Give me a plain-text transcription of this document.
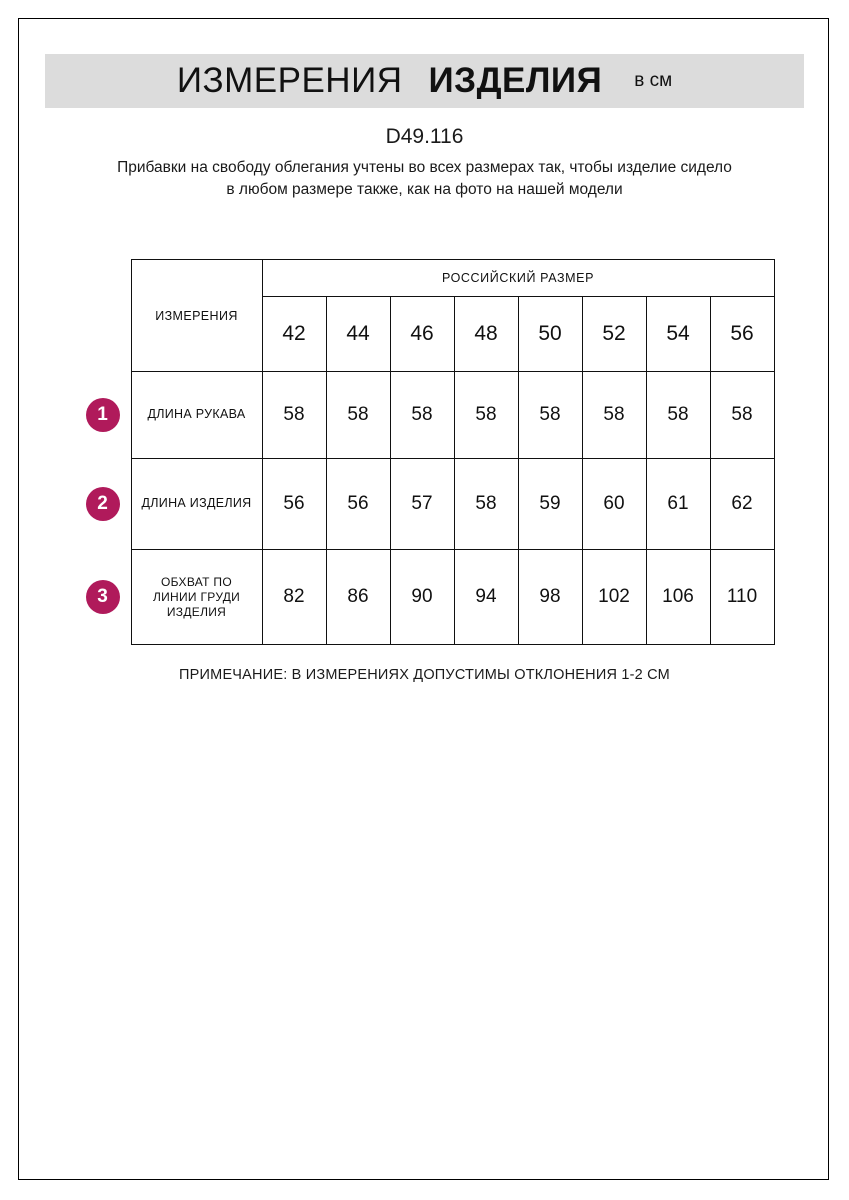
ИЗМЕРЕНИЯ ИЗДЕЛИЯ в см
D49.116
Прибавки на свободу облегания учтены во всех размерах так, чтобы изделие сидело в любом размере также, как на фото на нашей модели
	ИЗМЕРЕНИЯ	РОССИЙСКИЙ РАЗМЕР							
		42	44	46	48	50	52	54	56

1	ДЛИНА РУКАВА	58	58	58	58	58	58	58	58

2	ДЛИНА ИЗДЕЛИЯ	56	56	57	58	59	60	61	62

3	ОБХВАТ ПО ЛИНИИ ГРУДИ ИЗДЕЛИЯ	82	86	90	94	98	102	106	110
ПРИМЕЧАНИЕ: В ИЗМЕРЕНИЯХ ДОПУСТИМЫ ОТКЛОНЕНИЯ 1-2 СМ
